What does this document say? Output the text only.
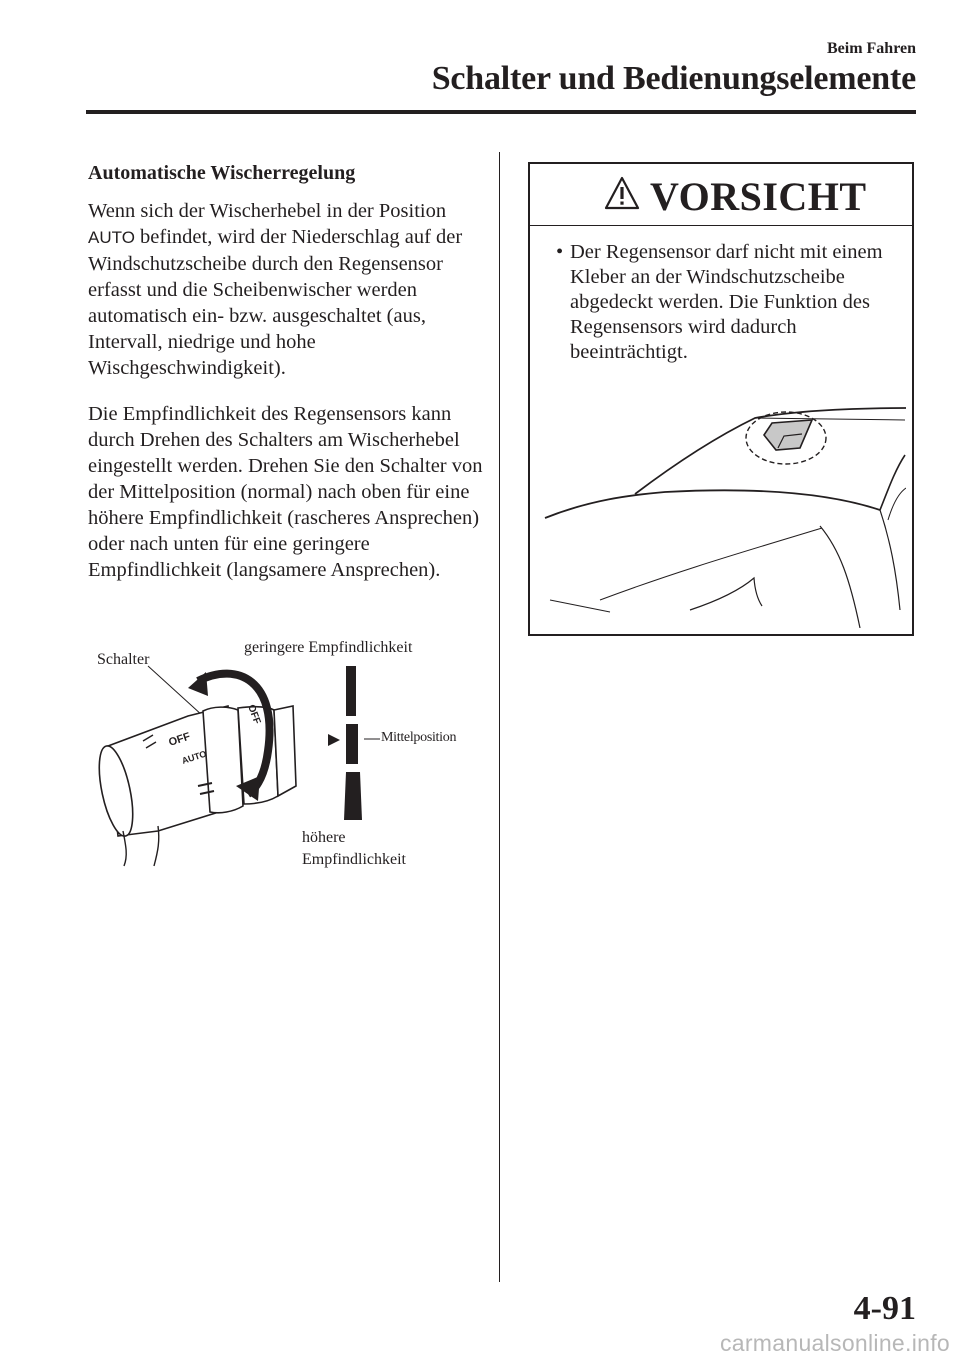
Beim Fahren
Schalter und Bedienungselemente
Automatische Wischerregelung

Wenn sich der Wischerhebel in der Position AUTO befindet, wird der Niederschlag auf der Windschutzscheibe durch den Regensensor erfasst und die Scheibenwischer werden automatisch ein- bzw. ausgeschaltet (aus, Intervall, niedrige und hohe Wischgeschwindigkeit).

Die Empfindlichkeit des Regensensors kann durch Drehen des Schalters am Wischerhebel eingestellt werden. Drehen Sie den Schalter von der Mittelposition (normal) nach oben für eine höhere Empfindlichkeit (rascheres Ansprechen) oder nach unten für eine geringere Empfindlichkeit (langsamere Ansprechen).

OFF
AUTO
OFF
Schalter
geringere Empfindlichkeit
Mittelposition
höhere
Empfindlichkeit
VORSICHT
• Der Regensensor darf nicht mit einem Kleber an der Windschutzscheibe abgedeckt werden. Die Funktion des Regensensors wird dadurch beeinträchtigt.
4-91
carmanualsonline.info
